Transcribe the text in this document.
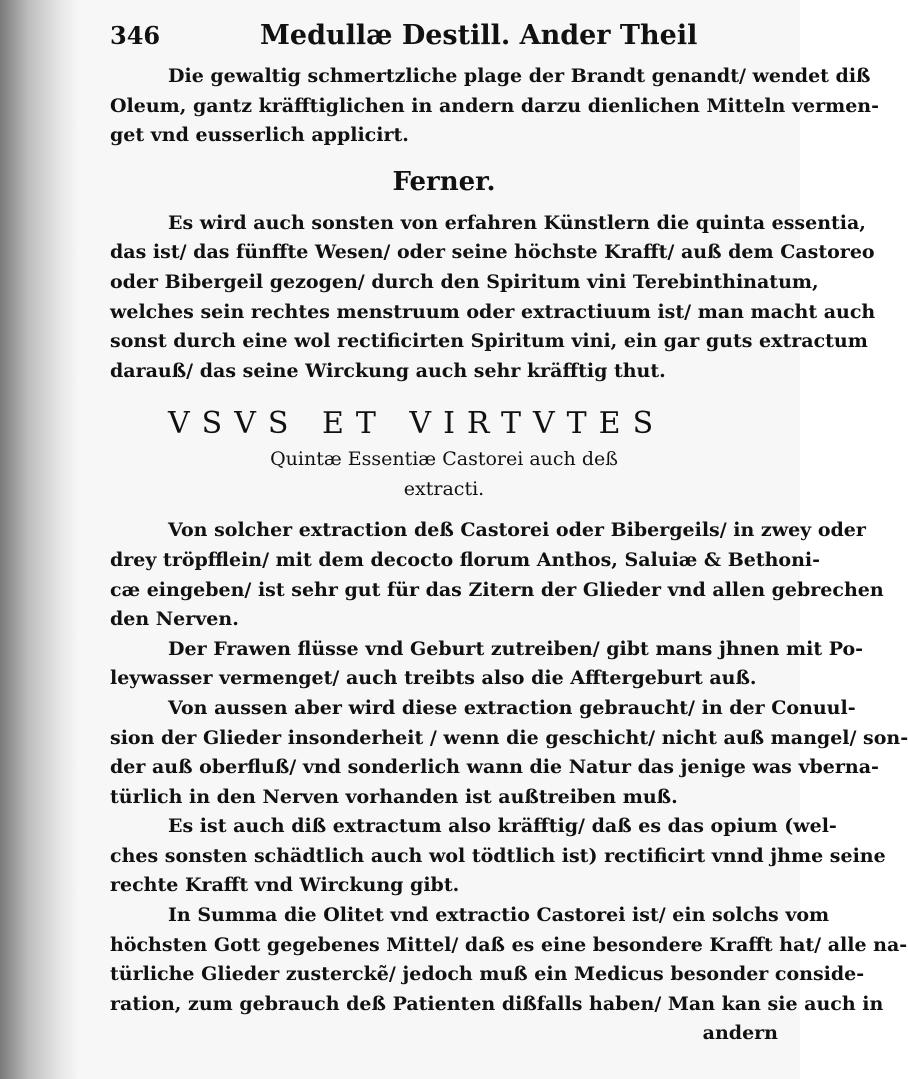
346	Medullæ Destill. Ander Theil
Die gewaltig schmertzliche plage der Brandt genandt/ wendet diß
Oleum, gantz kräfftiglichen in andern darzu dienlichen Mitteln vermen-
get vnd eusserlich applicirt.
Ferner.
Es wird auch sonsten von erfahren Künstlern die quinta essentia,
das ist/ das fünffte Wesen/ oder seine höchste Krafft/ auß dem Castoreo
oder Bibergeil gezogen/ durch den Spiritum vini Terebinthinatum,
welches sein rechtes menstruum oder extractiuum ist/ man macht auch
sonst durch eine wol rectificirten Spiritum vini, ein gar guts extractum
darauß/ das seine Wirckung auch sehr kräfftig thut.
VSVS ET VIRTVTES
Quintæ Essentiæ Castorei auch deß
extracti.
Von solcher extraction deß Castorei oder Bibergeils/ in zwey oder
drey tröpfflein/ mit dem decocto florum Anthos, Saluiæ & Bethoni-
cæ eingeben/ ist sehr gut für das Zitern der Glieder vnd allen gebrechen
den Nerven.
Der Frawen flüsse vnd Geburt zutreiben/ gibt mans jhnen mit Po-
leywasser vermenget/ auch treibts also die Afftergeburt auß.
Von aussen aber wird diese extraction gebraucht/ in der Conuul-
sion der Glieder insonderheit / wenn die geschicht/ nicht auß mangel/ son-
der auß oberfluß/ vnd sonderlich wann die Natur das jenige was vberna-
türlich in den Nerven vorhanden ist außtreiben muß.
Es ist auch diß extractum also kräfftig/ daß es das opium (wel-
ches sonsten schädtlich auch wol tödtlich ist) rectificirt vnnd jhme seine
rechte Krafft vnd Wirckung gibt.
In Summa die Olitet vnd extractio Castorei ist/ ein solchs vom
höchsten Gott gegebenes Mittel/ daß es eine besondere Krafft hat/ alle na-
türliche Glieder zusterckẽ/ jedoch muß ein Medicus besonder conside-
ration, zum gebrauch deß Patienten dißfalls haben/ Man kan sie auch in
andern
